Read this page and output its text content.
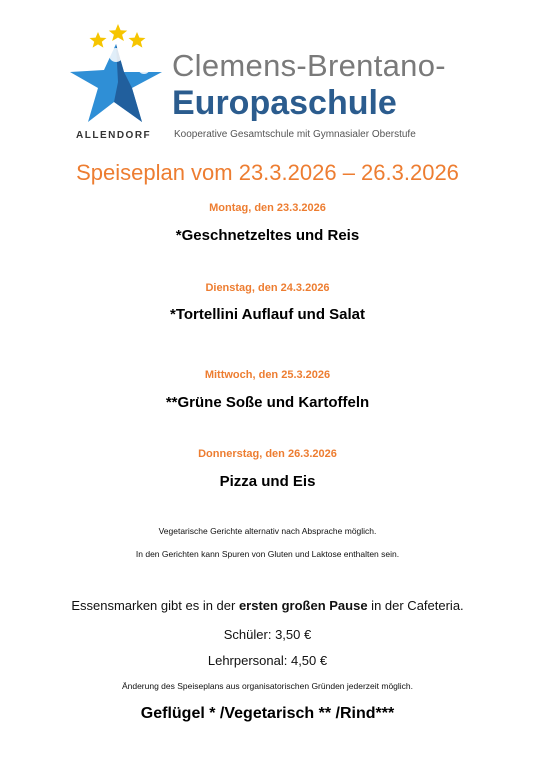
ALLENDORF
Clemens-Brentano-
Europaschule
Kooperative Gesamtschule mit Gymnasialer Oberstufe
Speiseplan vom 23.3.2026 – 26.3.2026
Montag, den 23.3.2026
*Geschnetzeltes und Reis
Dienstag, den 24.3.2026
*Tortellini Auflauf und Salat
Mittwoch, den 25.3.2026
**Grüne Soße und Kartoffeln
Donnerstag, den 26.3.2026
Pizza und Eis
Vegetarische Gerichte alternativ nach Absprache möglich.
In den Gerichten kann Spuren von Gluten und Laktose enthalten sein.
Essensmarken gibt es in der ersten großen Pause in der Cafeteria.
Schüler: 3,50 €
Lehrpersonal: 4,50 €
Änderung des Speiseplans aus organisatorischen Gründen jederzeit möglich.
Geflügel * /Vegetarisch ** /Rind***
